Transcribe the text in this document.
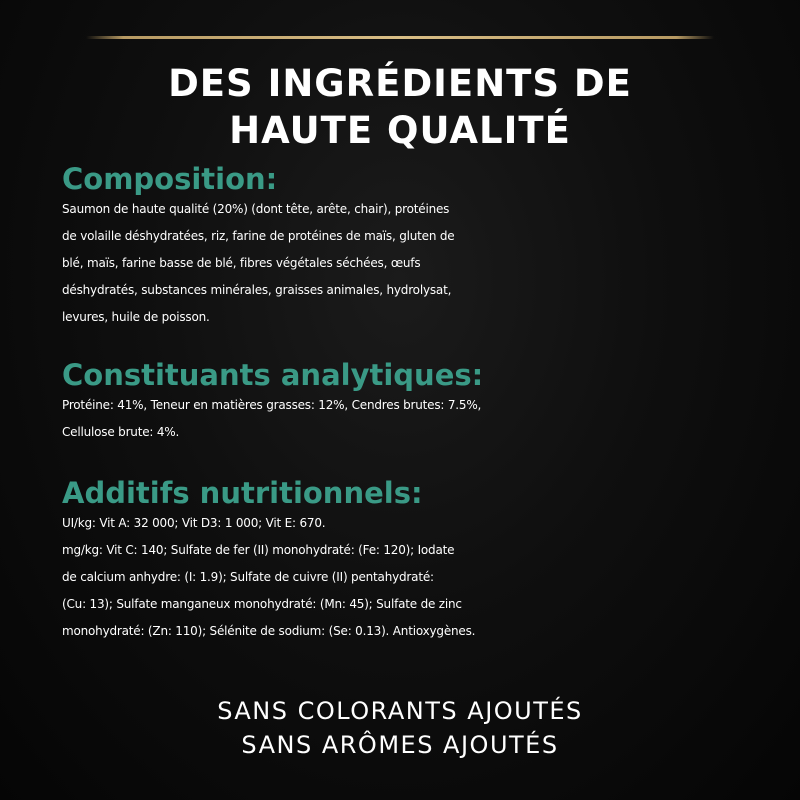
DES INGRÉDIENTS DE
HAUTE QUALITÉ
Composition:
Saumon de haute qualité (20%) (dont tête, arête, chair), protéines
de volaille déshydratées, riz, farine de protéines de maïs, gluten de
blé, maïs, farine basse de blé, fibres végétales séchées, œufs
déshydratés, substances minérales, graisses animales, hydrolysat,
levures, huile de poisson.
Constituants analytiques:
Protéine: 41%, Teneur en matières grasses: 12%, Cendres brutes: 7.5%,
Cellulose brute: 4%.
Additifs nutritionnels:
UI/kg: Vit A: 32 000; Vit D3: 1 000; Vit E: 670.
mg/kg: Vit C: 140; Sulfate de fer (II) monohydraté: (Fe: 120); Iodate
de calcium anhydre: (I: 1.9); Sulfate de cuivre (II) pentahydraté:
(Cu: 13); Sulfate manganeux monohydraté: (Mn: 45); Sulfate de zinc
monohydraté: (Zn: 110); Sélénite de sodium: (Se: 0.13). Antioxygènes.
SANS COLORANTS AJOUTÉS
SANS ARÔMES AJOUTÉS
